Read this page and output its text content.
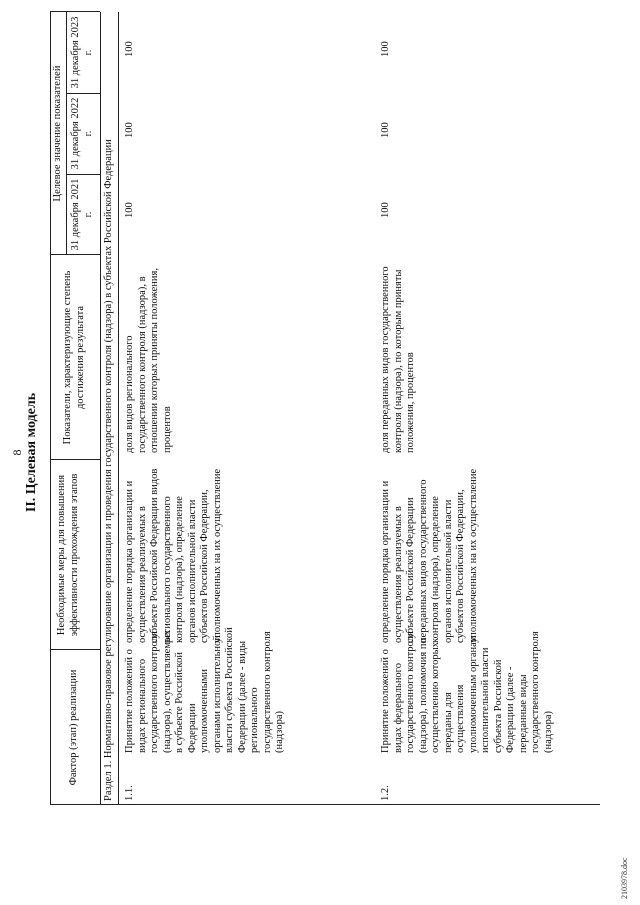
8 II. Целевая модель
Фактор (этап) реализации
Необходимые меры для повышения эффективности прохождения этапов
Показатели, характеризующие степень достижения результата
Целевое значение показателей
31 декабря 2021 г.
31 декабря 2022 г.
31 декабря 2023 г.
Раздел 1. Нормативно-правовое регулирование организации и проведения государственного контроля (надзора) в субъектах Российской Федерации 1.1.
Принятие положений о видах регионального государственного контроля (надзора), осуществляемых в субъекте Российской Федерации уполномоченными органами исполнительной власти субъекта Российской Федерации (далее - виды регионального государственного контроля (надзора)
определение порядка организации и осуществления реализуемых в субъекте Российской Федерации видов регионального государственного контроля (надзора), определение органов исполнительной власти субъектов Российской Федерации, уполномоченных на их осуществление
доля видов регионального государственного контроля (надзора), в отношении которых приняты положения, процентов
100
100
100
1.2.
Принятие положений о видах федерального государственного контроля (надзора), полномочия по осуществлению которых переданы для осуществления уполномоченным органам исполнительной власти субъекта Российской Федерации (далее - переданные виды государственного контроля (надзора)
определение порядка организации и осуществления реализуемых в субъекте Российской Федерации переданных видов государственного контроля (надзора), определение органов исполнительной власти субъектов Российской Федерации, уполномоченных на их осуществление
доля переданных видов государственного контроля (надзора), по которым приняты положения, процентов
100
100
100
2103978.doc
